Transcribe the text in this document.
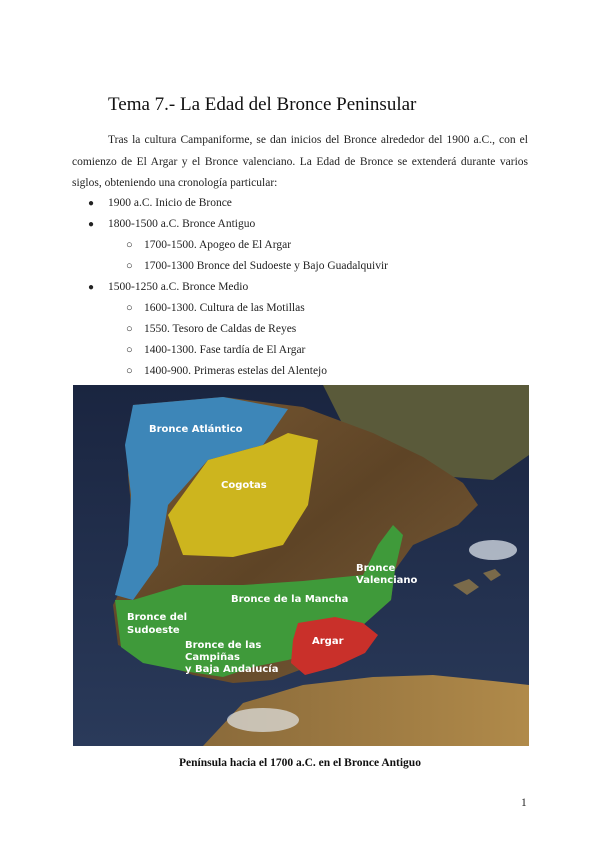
Tema 7.- La Edad del Bronce Peninsular
Tras la cultura Campaniforme, se dan inicios del Bronce alrededor del 1900 a.C., con el comienzo de El Argar y el Bronce valenciano. La Edad de Bronce se extenderá durante varios siglos, obteniendo una cronología particular:
● 1900 a.C. Inicio de Bronce
● 1800-1500 a.C. Bronce Antiguo
○ 1700-1500. Apogeo de El Argar
○ 1700-1300 Bronce del Sudoeste y Bajo Guadalquivir
● 1500-1250 a.C. Bronce Medio
○ 1600-1300. Cultura de las Motillas
○ 1550. Tesoro de Caldas de Reyes
○ 1400-1300. Fase tardía de El Argar
○ 1400-900. Primeras estelas del Alentejo
Bronce Atlántico
Cogotas
Bronce
Valenciano
Bronce de la Mancha
Bronce del
Sudoeste
Bronce de las
Campiñas
y Baja Andalucía
Argar
Península hacia el 1700 a.C. en el Bronce Antiguo
1
